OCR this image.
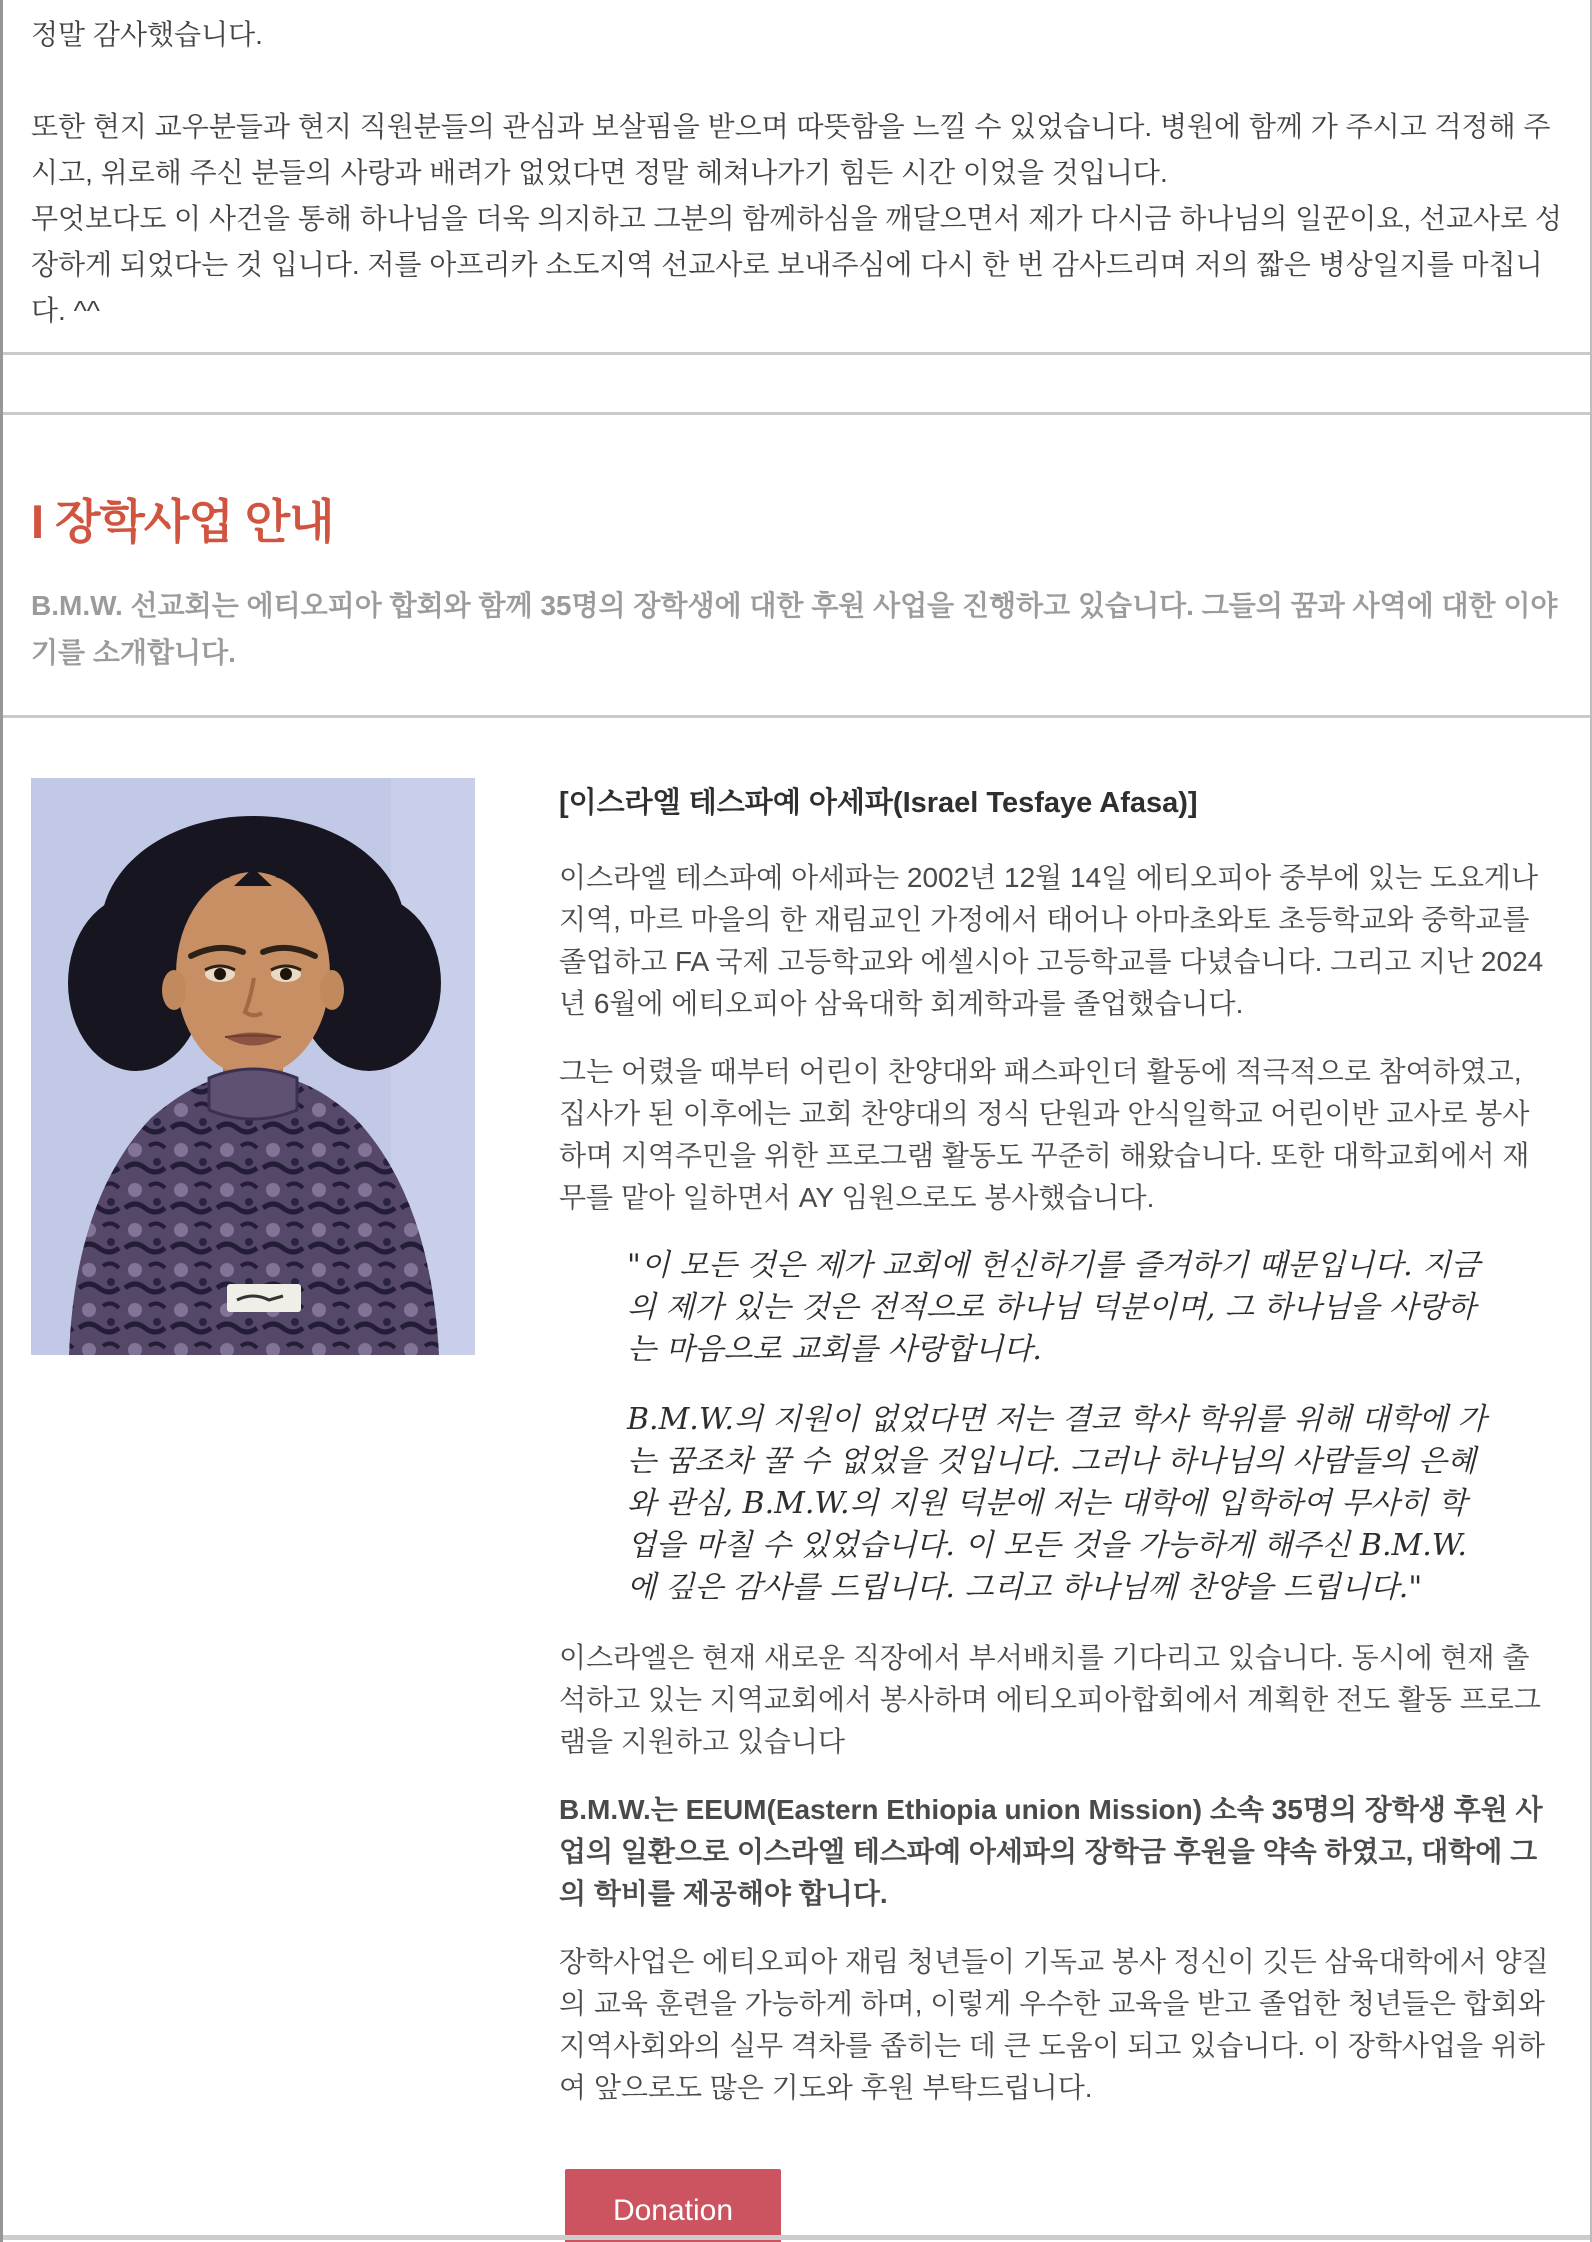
정말 감사했습니다.

또한 현지 교우분들과 현지 직원분들의 관심과 보살핌을 받으며 따뜻함을 느낄 수 있었습니다. 병원에 함께 가 주시고 걱정해 주시고, 위로해 주신 분들의 사랑과 배려가 없었다면 정말 헤쳐나가기 힘든 시간 이었을 것입니다.

무엇보다도 이 사건을 통해 하나님을 더욱 의지하고 그분의 함께하심을 깨달으면서 제가 다시금 하나님의 일꾼이요, 선교사로 성장하게 되었다는 것 입니다. 저를 아프리카 소도지역 선교사로 보내주심에 다시 한 번 감사드리며 저의 짧은 병상일지를 마칩니다. ^^

I 장학사업 안내

B.M.W. 선교회는 에티오피아 합회와 함께 35명의 장학생에 대한 후원 사업을 진행하고 있습니다. 그들의 꿈과 사역에 대한 이야기를 소개합니다.

[이스라엘 테스파예 아세파(Israel Tesfaye Afasa)]

이스라엘 테스파예 아세파는 2002년 12월 14일 에티오피아 중부에 있는 도요게나 지역, 마르 마을의 한 재림교인 가정에서 태어나 아마초와토 초등학교와 중학교를 졸업하고 FA 국제 고등학교와 에셀시아 고등학교를 다녔습니다. 그리고 지난 2024년 6월에 에티오피아 삼육대학 회계학과를 졸업했습니다.

그는 어렸을 때부터 어린이 찬양대와 패스파인더 활동에 적극적으로 참여하였고, 집사가 된 이후에는 교회 찬양대의 정식 단원과 안식일학교 어린이반 교사로 봉사하며 지역주민을 위한 프로그램 활동도 꾸준히 해왔습니다. 또한 대학교회에서 재무를 맡아 일하면서 AY 임원으로도 봉사했습니다.

"이 모든 것은 제가 교회에 헌신하기를 즐겨하기 때문입니다. 지금의 제가 있는 것은 전적으로 하나님 덕분이며, 그 하나님을 사랑하는 마음으로 교회를 사랑합니다.

B.M.W.의 지원이 없었다면 저는 결코 학사 학위를 위해 대학에 가는 꿈조차 꿀 수 없었을 것입니다. 그러나 하나님의 사람들의 은혜와 관심, B.M.W.의 지원 덕분에 저는 대학에 입학하여 무사히 학업을 마칠 수 있었습니다. 이 모든 것을 가능하게 해주신 B.M.W.에 깊은 감사를 드립니다. 그리고 하나님께 찬양을 드립니다."

이스라엘은 현재 새로운 직장에서 부서배치를 기다리고 있습니다. 동시에 현재 출석하고 있는 지역교회에서 봉사하며 에티오피아합회에서 계획한 전도 활동 프로그램을 지원하고 있습니다

B.M.W.는 EEUM(Eastern Ethiopia union Mission) 소속 35명의 장학생 후원 사업의 일환으로 이스라엘 테스파예 아세파의 장학금 후원을 약속 하였고, 대학에 그의 학비를 제공해야 합니다.

장학사업은 에티오피아 재림 청년들이 기독교 봉사 정신이 깃든 삼육대학에서 양질의 교육 훈련을 가능하게 하며, 이렇게 우수한 교육을 받고 졸업한 청년들은 합회와 지역사회와의 실무 격차를 좁히는 데 큰 도움이 되고 있습니다. 이 장학사업을 위하여 앞으로도 많은 기도와 후원 부탁드립니다.

Donation
